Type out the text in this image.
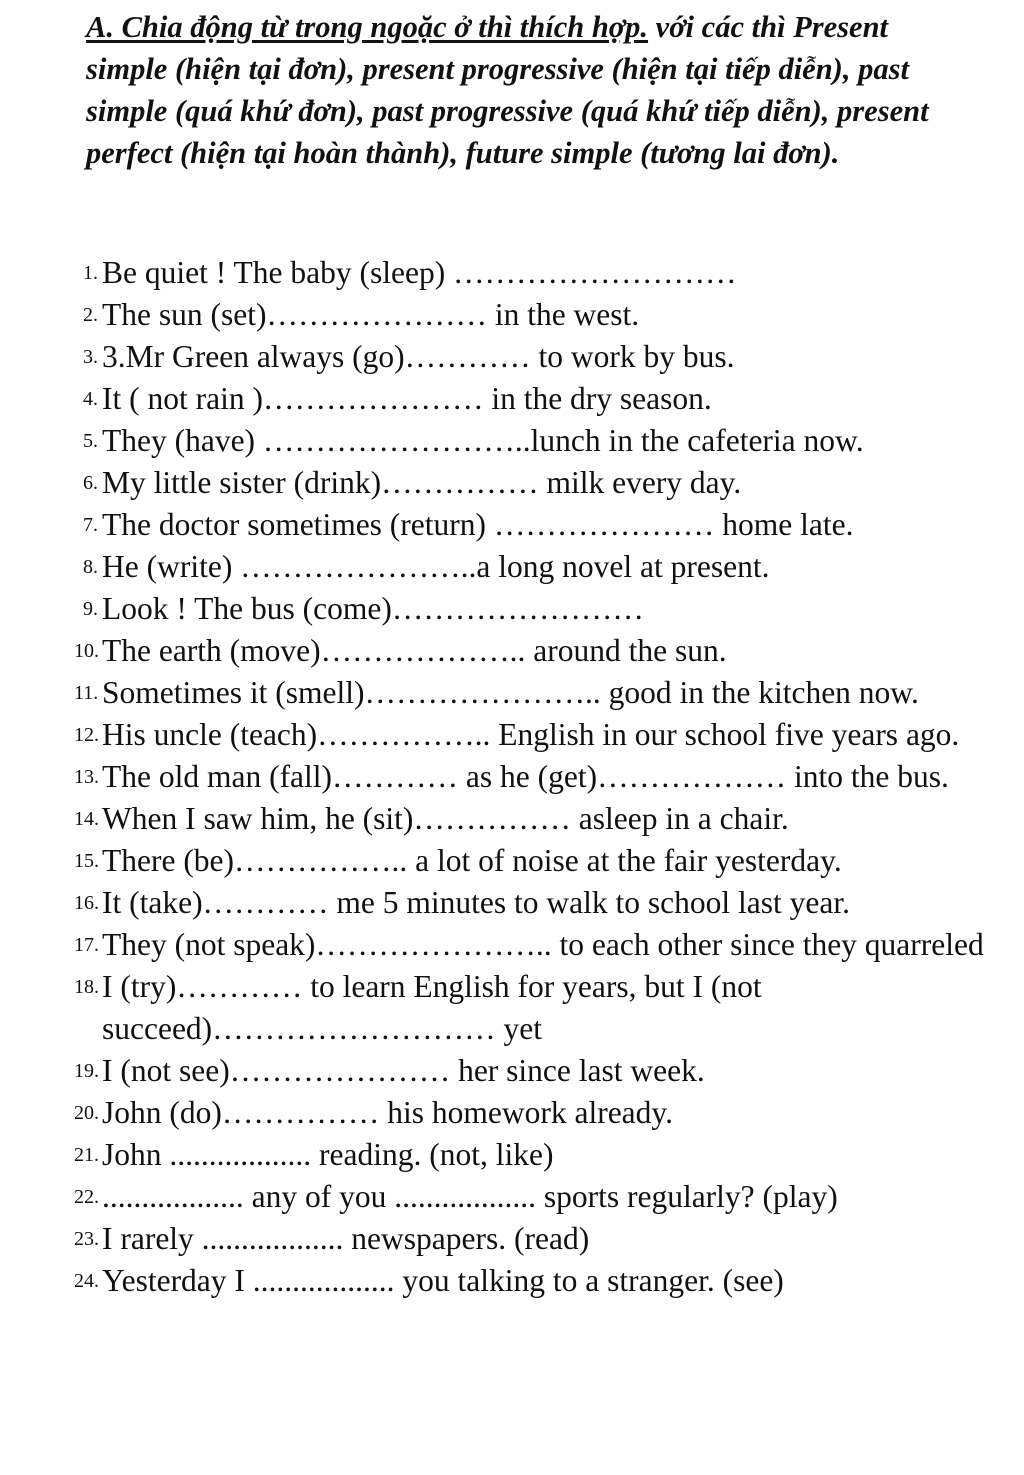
A. Chia động từ trong ngoặc ở thì thích hợp. với các thì Present simple (hiện tại đơn), present progressive (hiện tại tiếp diễn), past simple (quá khứ đơn), past progressive (quá khứ tiếp diễn), present perfect (hiện tại hoàn thành), future simple (tương lai đơn).

1. Be quiet ! The baby (sleep) ………………………
2. The sun (set)………………… in the west.
3. 3.Mr Green always (go)………… to work by bus.
4. It ( not rain )………………… in the dry season.
5. They (have) ……………………..lunch in the cafeteria now.
6. My little sister (drink)…………… milk every day.
7. The doctor sometimes (return) ………………… home late.
8. He (write) …………………..a long novel at present.
9. Look ! The bus (come)……………………
10. The earth (move)……………….. around the sun.
11. Sometimes it (smell)………………….. good in the kitchen now.
12. His uncle (teach)…………….. English in our school five years ago.
13. The old man (fall)………… as he (get)……………… into the bus.
14. When I saw him, he (sit)…………… asleep in a chair.
15. There (be)…………….. a lot of noise at the fair yesterday.
16. It (take)………… me 5 minutes to walk to school last year.
17. They (not speak)………………….. to each other since they quarreled
18. I (try)………… to learn English for years, but I (not succeed)……………………… yet
19. I (not see)………………… her since last week.
20. John (do)…………… his homework already.
21. John .................. reading. (not, like)
22. .................. any of you .................. sports regularly? (play)
23. I rarely .................. newspapers. (read)
24. Yesterday I .................. you talking to a stranger. (see)
